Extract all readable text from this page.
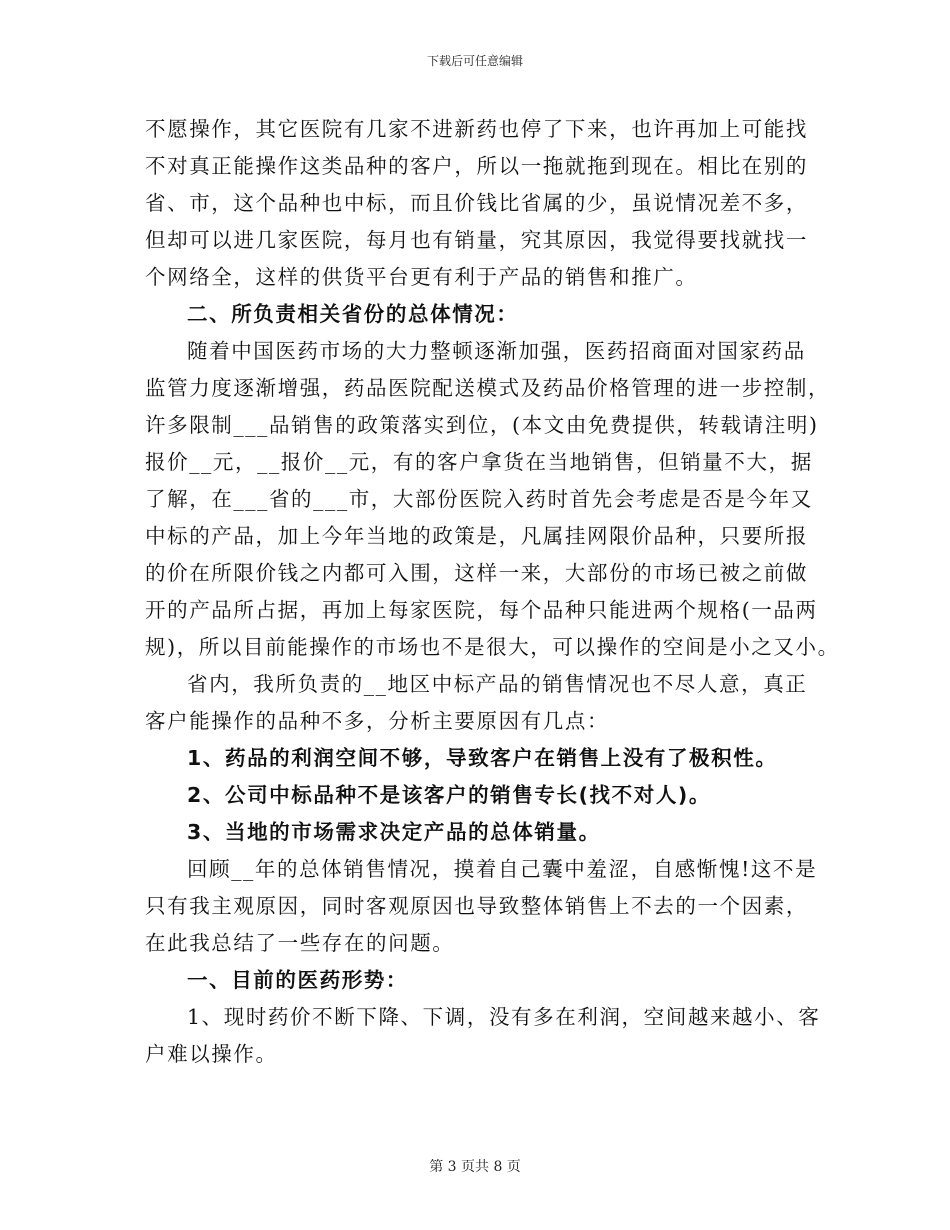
下载后可任意编辑
不愿操作，其它医院有几家不进新药也停了下来，也许再加上可能找
不对真正能操作这类品种的客户，所以一拖就拖到现在。相比在别的
省、市，这个品种也中标，而且价钱比省属的少，虽说情况差不多，
但却可以进几家医院，每月也有销量，究其原因，我觉得要找就找一
个网络全，这样的供货平台更有利于产品的销售和推广。
二、所负责相关省份的总体情况：
随着中国医药市场的大力整顿逐渐加强，医药招商面对国家药品
监管力度逐渐增强，药品医院配送模式及药品价格管理的进一步控制，
许多限制___品销售的政策落实到位，(本文由免费提供，转载请注明)
报价__元，__报价__元，有的客户拿货在当地销售，但销量不大，据
了解，在___省的___市，大部份医院入药时首先会考虑是否是今年又
中标的产品，加上今年当地的政策是，凡属挂网限价品种，只要所报
的价在所限价钱之内都可入围，这样一来，大部份的市场已被之前做
开的产品所占据，再加上每家医院，每个品种只能进两个规格(一品两
规)，所以目前能操作的市场也不是很大，可以操作的空间是小之又小。
省内，我所负责的__地区中标产品的销售情况也不尽人意，真正
客户能操作的品种不多，分析主要原因有几点：
1、药品的利润空间不够，导致客户在销售上没有了极积性。
2、公司中标品种不是该客户的销售专长(找不对人)。
3、当地的市场需求决定产品的总体销量。
回顾__年的总体销售情况，摸着自己囊中羞涩，自感惭愧!这不是
只有我主观原因，同时客观原因也导致整体销售上不去的一个因素，
在此我总结了一些存在的问题。
一、目前的医药形势：
1、现时药价不断下降、下调，没有多在利润，空间越来越小、客
户难以操作。
第 3 页共 8 页
